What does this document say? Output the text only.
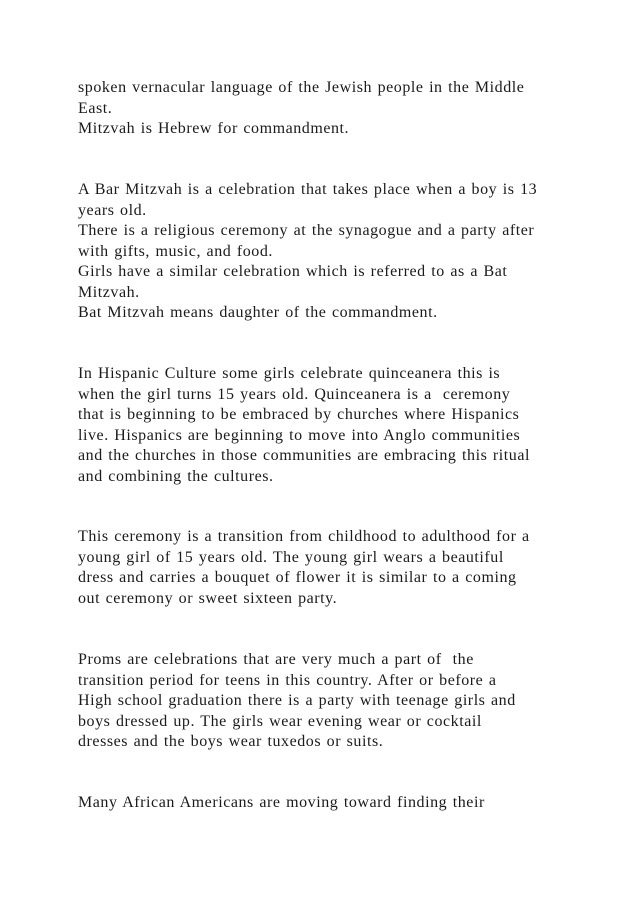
spoken vernacular language of the Jewish people in the Middle
East.
Mitzvah is Hebrew for commandment.

A Bar Mitzvah is a celebration that takes place when a boy is 13
years old.
There is a religious ceremony at the synagogue and a party after
with gifts, music, and food.
Girls have a similar celebration which is referred to as a Bat
Mitzvah.
Bat Mitzvah means daughter of the commandment.

In Hispanic Culture some girls celebrate quinceanera this is
when the girl turns 15 years old. Quinceanera is a  ceremony
that is beginning to be embraced by churches where Hispanics
live. Hispanics are beginning to move into Anglo communities
and the churches in those communities are embracing this ritual
and combining the cultures.

This ceremony is a transition from childhood to adulthood for a
young girl of 15 years old. The young girl wears a beautiful
dress and carries a bouquet of flower it is similar to a coming
out ceremony or sweet sixteen party.

Proms are celebrations that are very much a part of  the
transition period for teens in this country. After or before a
High school graduation there is a party with teenage girls and
boys dressed up. The girls wear evening wear or cocktail
dresses and the boys wear tuxedos or suits.

Many African Americans are moving toward finding their
